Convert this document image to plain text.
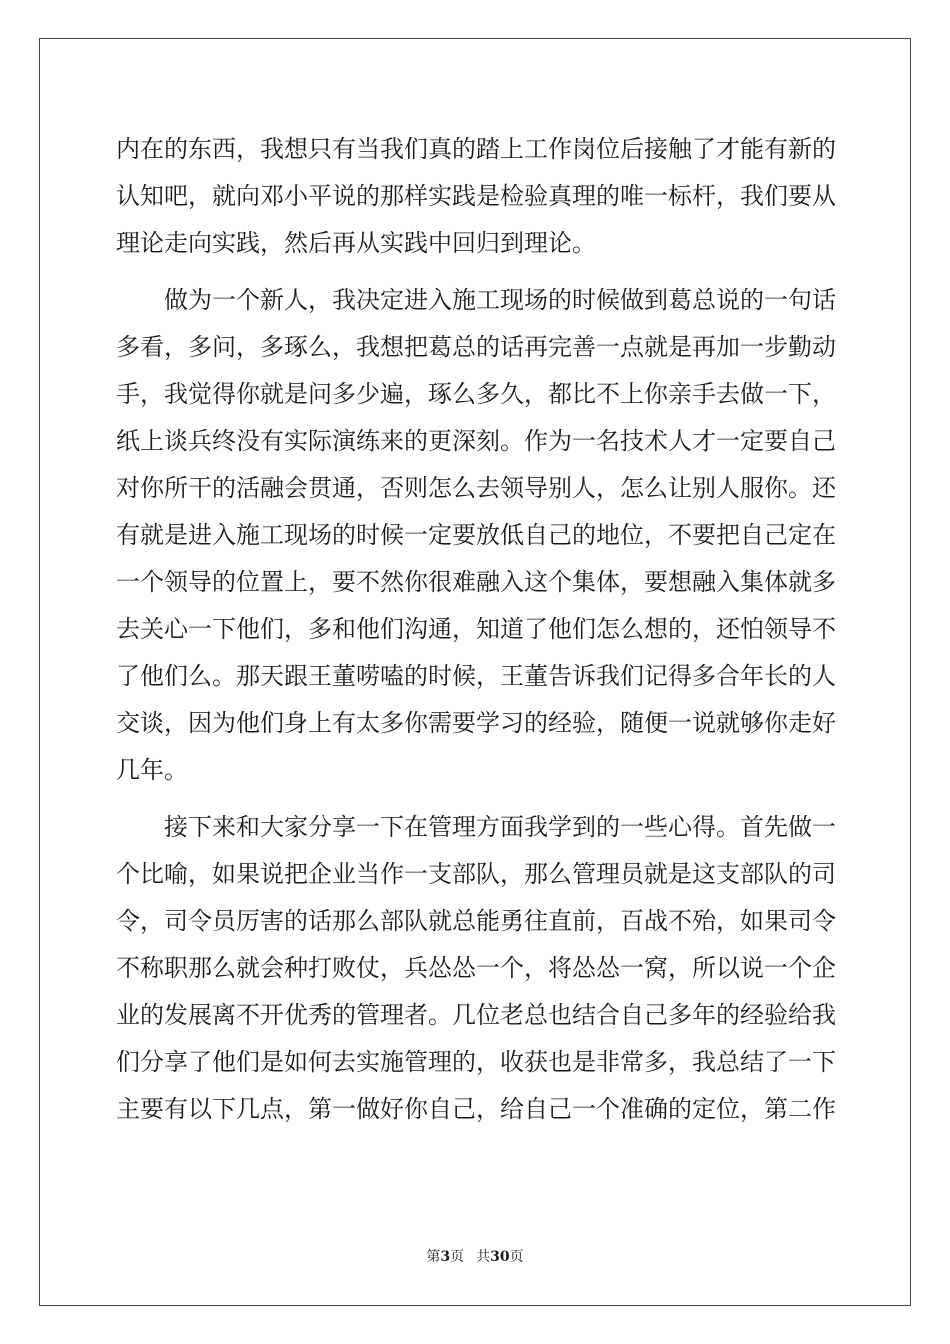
内在的东西，我想只有当我们真的踏上工作岗位后接触了才能有新的
认知吧，就向邓小平说的那样实践是检验真理的唯一标杆，我们要从
理论走向实践，然后再从实践中回归到理论。
　　做为一个新人，我决定进入施工现场的时候做到葛总说的一句话
多看，多问，多琢么，我想把葛总的话再完善一点就是再加一步勤动
手，我觉得你就是问多少遍，琢么多久，都比不上你亲手去做一下，
纸上谈兵终没有实际演练来的更深刻。作为一名技术人才一定要自己
对你所干的活融会贯通，否则怎么去领导别人，怎么让别人服你。还
有就是进入施工现场的时候一定要放低自己的地位，不要把自己定在
一个领导的位置上，要不然你很难融入这个集体，要想融入集体就多
去关心一下他们，多和他们沟通，知道了他们怎么想的，还怕领导不
了他们么。那天跟王董唠嗑的时候，王董告诉我们记得多合年长的人
交谈，因为他们身上有太多你需要学习的经验，随便一说就够你走好
几年。
　　接下来和大家分享一下在管理方面我学到的一些心得。首先做一
个比喻，如果说把企业当作一支部队，那么管理员就是这支部队的司
令，司令员厉害的话那么部队就总能勇往直前，百战不殆，如果司令
不称职那么就会种打败仗，兵怂怂一个，将怂怂一窝，所以说一个企
业的发展离不开优秀的管理者。几位老总也结合自己多年的经验给我
们分享了他们是如何去实施管理的，收获也是非常多，我总结了一下
主要有以下几点，第一做好你自己，给自己一个准确的定位，第二作
第3页 共30页
